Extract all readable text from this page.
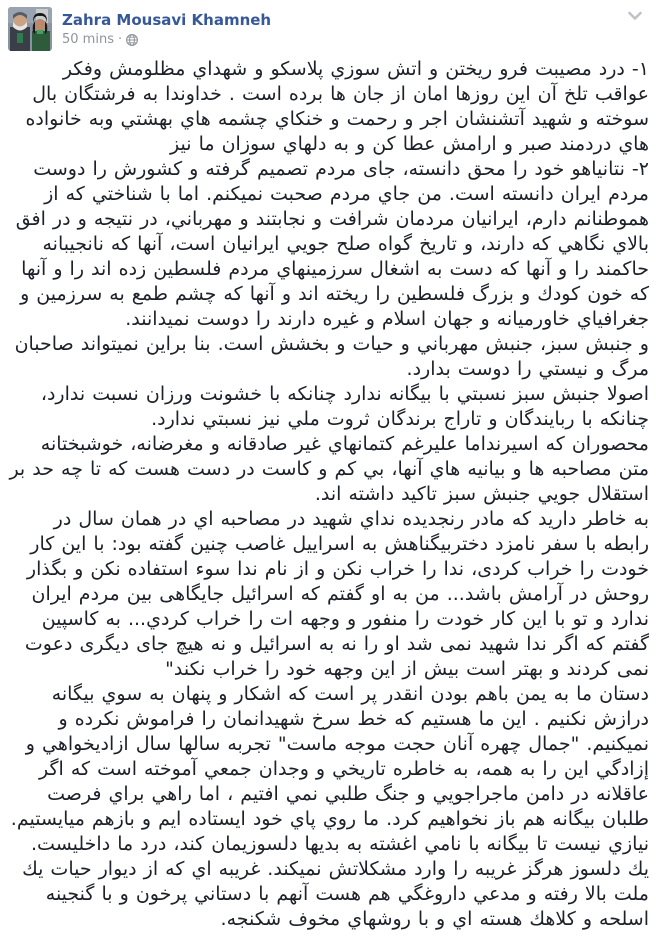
Zahra Mousavi Khamneh
50 mins ·

۱- درد مصیبت فرو ریختن و اتش سوزي پلاسکو و شهداي مظلومش وفکر عواقب تلخ آن این روزها امان از جان ها برده است . خداوندا به فرشتگان بال سوخته و شهید آتشنشان اجر و رحمت و خنکاي چشمه هاي بهشتي وبه خانواده هاي دردمند صبر و ارامش عطا کن و به دلهاي سوزان ما نیز

۲- نتانیاهو خود را محق دانسته، جای مردم تصمیم گرفته و کشورش را دوست مردم ایران دانسته است. من جاي مردم صحبت نمیکنم. اما با شناختي که از هموطنانم دارم، ایرانیان مردمان شرافت و نجابتند و مهرباني، در نتیجه و در افق بالاي نگاهي که دارند، و تاریخ گواه صلح جویي ایرانیان است، آنها که نانجیبانه حاکمند را و آنها که دست به اشغال سرزمینهاي مردم فلسطین زده اند را و آنها که خون کودك و بزرگ فلسطین را ریخته اند و آنها که چشم طمع به سرزمین و جغرافیاي خاورمیانه و جهان اسلام و غیره دارند را دوست نمیدانند.

و جنبش سبز، جنبش مهرباني و حیات و بخشش است. بنا براین نمیتواند صاحبان مرگ و نیستي را دوست بدارد.

اصولا جنبش سبز نسبتي با بیگانه ندارد چنانکه با خشونت ورزان نسبت ندارد، چنانکه با ربایندگان و تاراج برندگان ثروت ملي نیز نسبتي ندارد.

محصوران که اسیرنداما علیرغم کتمانهاي غیر صادقانه و مغرضانه، خوشبختانه متن مصاحبه ها و بیانیه هاي آنها، بي کم و کاست در دست هست که تا چه حد بر استقلال جویي جنبش سبز تاکید داشته اند.

به خاطر دارید که مادر رنجدیده نداي شهید در مصاحبه اي در همان سال در رابطه با سفر نامزد دختربیگناهش به اسراییل غاصب چنین گفته بود: با این کار خودت را خراب کردی، ندا را خراب نکن و از نام ندا سوء استفاده نکن و بگذار روحش در آرامش باشد... من به او گفتم که اسرائیل جایگاهی بین مردم ایران ندارد و تو با این کار خودت را منفور و وجهه ات را خراب کردي... به کاسپین گفتم که اگر ندا شهید نمی شد او را نه به اسرائیل و نه هیچ جای دیگری دعوت نمی کردند و بهتر است بیش از این وجهه خود را خراب نکند"

دستان ما به یمن باهم بودن انقدر پر است که اشکار و پنهان به سوي بیگانه درازش نکنیم . این ما هستیم که خط سرخ شهیدانمان را فراموش نکرده و نمیکنیم. "جمال چهره آنان حجت موجه ماست" تجربه سالها سال ازادیخواهي و إزادگي این را به همه، به خاطره تاریخي و وجدان جمعي آموخته است که اگر عاقلانه در دامن ماجراجویي و جنگ طلبي نمي افتیم ، اما راهي براي فرصت طلبان بیگانه هم باز نخواهیم کرد. ما روي پاي خود ایستاده ایم و بازهم میایستیم.

نیازي نیست تا بیگانه با نامي اغشته به بدیها دلسوزیمان کند، درد ما داخلیست. یك دلسوز هرگز غریبه را وارد مشکلاتش نمیکند. غریبه اي که از دیوار حیات یك ملت بالا رفته و مدعي داروغگي هم هست آنهم با دستاني پرخون و با گنجینه اسلحه و کلاهك هسته اي و با روشهاي مخوف شکنجه.
